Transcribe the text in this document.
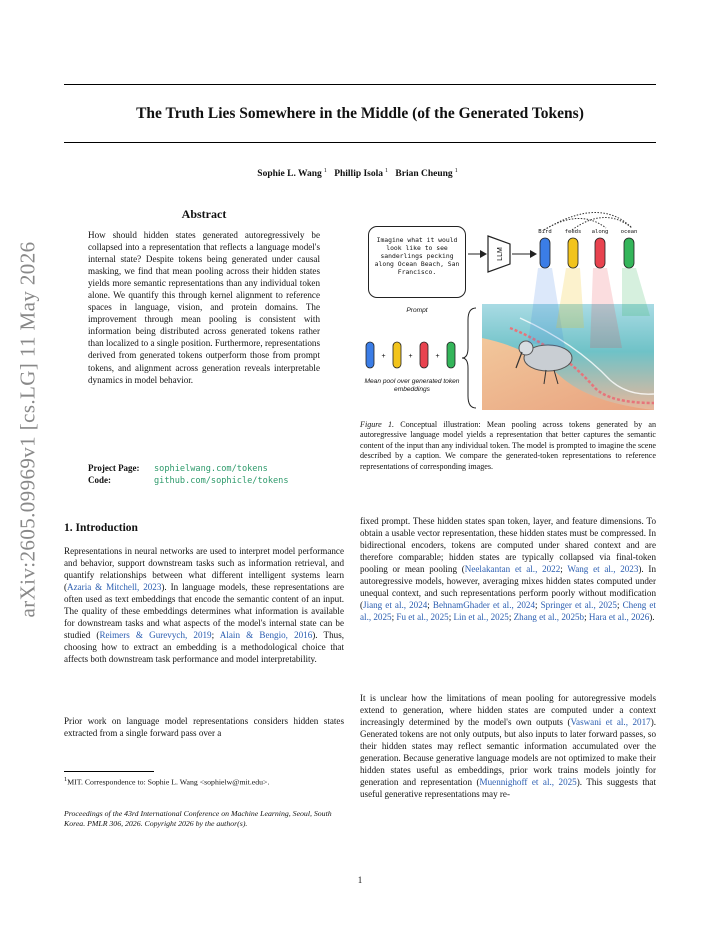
arXiv:2605.09969v1 [cs.LG] 11 May 2026
The Truth Lies Somewhere in the Middle (of the Generated Tokens)
Sophie L. Wang $^1$ Phillip Isola $^1$ Brian Cheung $^1$
Abstract
How should hidden states generated autoregressively be collapsed into a representation that reflects a language model's internal state? Despite tokens being generated under causal masking, we find that mean pooling across their hidden states yields more semantic representations than any individual token alone. We quantify this through kernel alignment to reference spaces in language, vision, and protein domains. The improvement through mean pooling is consistent with information being distributed across generated tokens rather than localized to a single position. Furthermore, representations derived from generated tokens outperform those from prompt tokens, and alignment across generation reveals interpretable dynamics in model behavior.
Project Page: sophielwang.com/tokens
Code:	github.com/sophicle/tokens
Imagine what it would look like to see sanderlings pecking along Ocean Beach, San Francisco.
Prompt
LLM
+	+	+
Bird	feeds	along	ocean
Mean pool over generated token embeddings
Figure 1. Conceptual illustration: Mean pooling across tokens generated by an autoregressive language model yields a representation that better captures the semantic content of the input than any individual token. The model is prompted to imagine the scene described by a caption. We compare the generated-token representations to reference representations of corresponding images.
1. Introduction
Representations in neural networks are used to interpret model performance and behavior, support downstream tasks such as information retrieval, and quantify relationships between what different intelligent systems learn (Azaria & Mitchell, 2023). In language models, these representations are often used as text embeddings that encode the semantic content of an input. The quality of these embeddings determines what information is available for downstream tasks and what aspects of the model's internal state can be studied (Reimers & Gurevych, 2019; Alain & Bengio, 2016). Thus, choosing how to extract an embedding is a methodological choice that affects both downstream task performance and model interpretability.
Prior work on language model representations considers hidden states extracted from a single forward pass over a
$^1$MIT. Correspondence to: Sophie L. Wang <sophielw@mit.edu>.
Proceedings of the 43rd International Conference on Machine Learning, Seoul, South Korea. PMLR 306, 2026. Copyright 2026 by the author(s).
fixed prompt. These hidden states span token, layer, and feature dimensions. To obtain a usable vector representation, these hidden states must be compressed. In bidirectional encoders, tokens are computed under shared context and are therefore comparable; hidden states are typically collapsed via final-token pooling or mean pooling (Neelakantan et al., 2022; Wang et al., 2023). In autoregressive models, however, averaging mixes hidden states computed under unequal context, and such representations perform poorly without modification (Jiang et al., 2024; BehnamGhader et al., 2024; Springer et al., 2025; Cheng et al., 2025; Fu et al., 2025; Lin et al., 2025; Zhang et al., 2025b; Hara et al., 2026).
It is unclear how the limitations of mean pooling for autoregressive models extend to generation, where hidden states are computed under a context increasingly determined by the model's own outputs (Vaswani et al., 2017). Generated tokens are not only outputs, but also inputs to later forward passes, so their hidden states may reflect semantic information accumulated over the generation. Because generative language models are not optimized to make their hidden states useful as embeddings, prior work trains models jointly for generation and representation (Muennighoff et al., 2025). This suggests that useful generative representations may re-
1
